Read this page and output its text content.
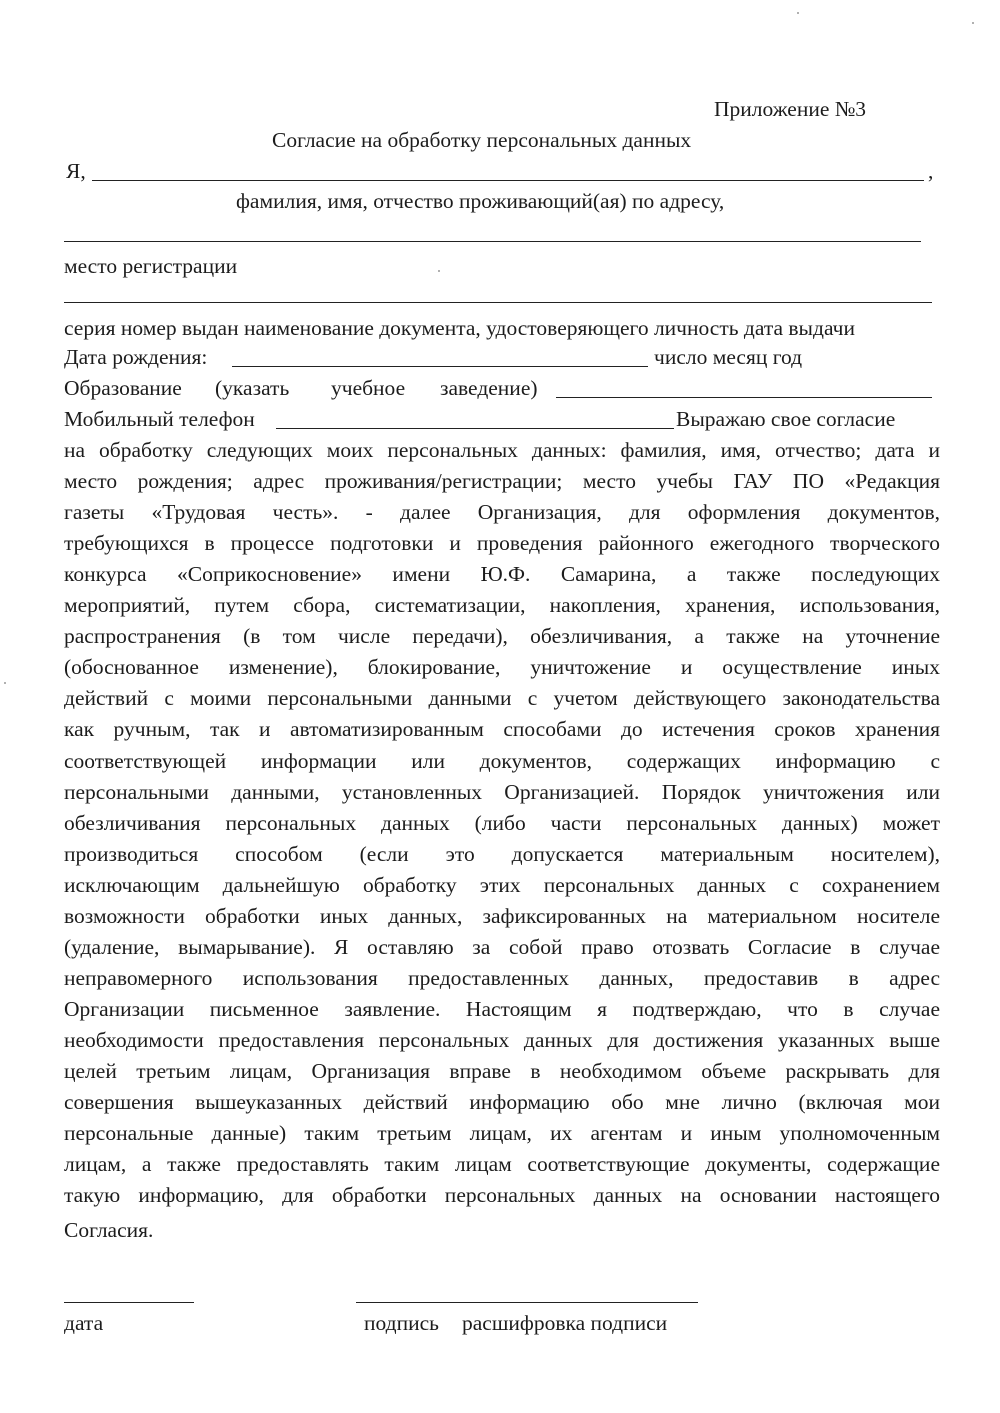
Приложение №3
Согласие на обработку персональных данных
Я,	,
фамилия, имя, отчество проживающий(ая) по адресу,
место регистрации
серия номер выдан наименование документа, удостоверяющего личность дата выдачи
Дата рождения:	число месяц год
Образование (указать учебное заведение)
Мобильный телефон	Выражаю свое согласие
на обработку следующих моих персональных данных: фамилия, имя, отчество; дата и
место рождения; адрес проживания/регистрации; место учебы ГАУ ПО «Редакция
газеты «Трудовая честь». - далее Организация, для оформления документов,
требующихся в процессе подготовки и проведения районного ежегодного творческого
конкурса «Соприкосновение» имени Ю.Ф. Самарина, а также последующих
мероприятий, путем сбора, систематизации, накопления, хранения, использования,
распространения (в том числе передачи), обезличивания, а также на уточнение
(обоснованное изменение), блокирование, уничтожение и осуществление иных
действий с моими персональными данными с учетом действующего законодательства
как ручным, так и автоматизированным способами до истечения сроков хранения
соответствующей информации или документов, содержащих информацию с
персональными данными, установленных Организацией. Порядок уничтожения или
обезличивания персональных данных (либо части персональных данных) может
производиться способом (если это допускается материальным носителем),
исключающим дальнейшую обработку этих персональных данных с сохранением
возможности обработки иных данных, зафиксированных на материальном носителе
(удаление, вымарывание). Я оставляю за собой право отозвать Согласие в случае
неправомерного использования предоставленных данных, предоставив в адрес
Организации письменное заявление. Настоящим я подтверждаю, что в случае
необходимости предоставления персональных данных для достижения указанных выше
целей третьим лицам, Организация вправе в необходимом объеме раскрывать для
совершения вышеуказанных действий информацию обо мне лично (включая мои
персональные данные) таким третьим лицам, их агентам и иным уполномоченным
лицам, а также предоставлять таким лицам соответствующие документы, содержащие
такую информацию, для обработки персональных данных на основании настоящего
Согласия.
дата	подпись расшифровка подписи
